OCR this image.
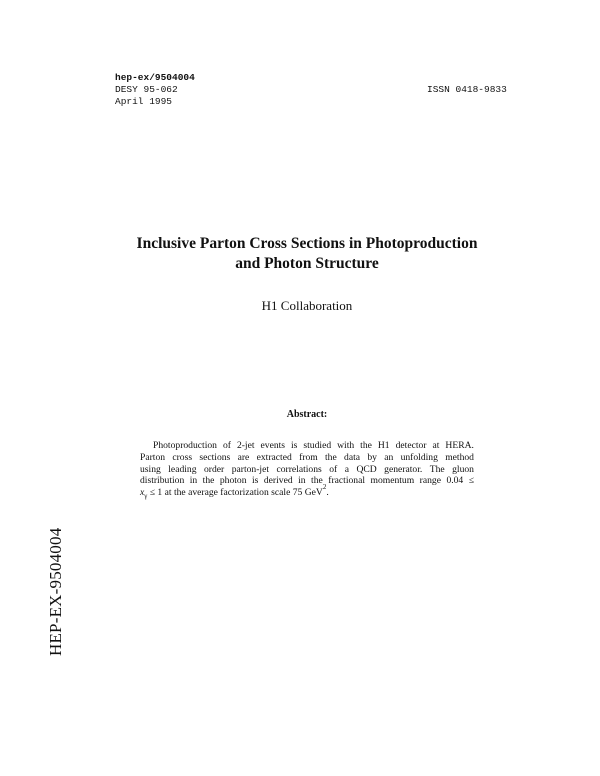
hep-ex/9504004
DESY 95-062
April 1995
ISSN 0418-9833
Inclusive Parton Cross Sections in Photoproduction
and Photon Structure
H1 Collaboration
Abstract:
Photoproduction of 2-jet events is studied with the H1 detector at HERA.
Parton cross sections are extracted from the data by an unfolding method
using leading order parton-jet correlations of a QCD generator. The gluon
distribution in the photon is derived in the fractional momentum range 0.04 ≤
$x_\gamma$
≤ 1 at the average factorization scale 75 GeV 2 .
HEP-EX-9504004
